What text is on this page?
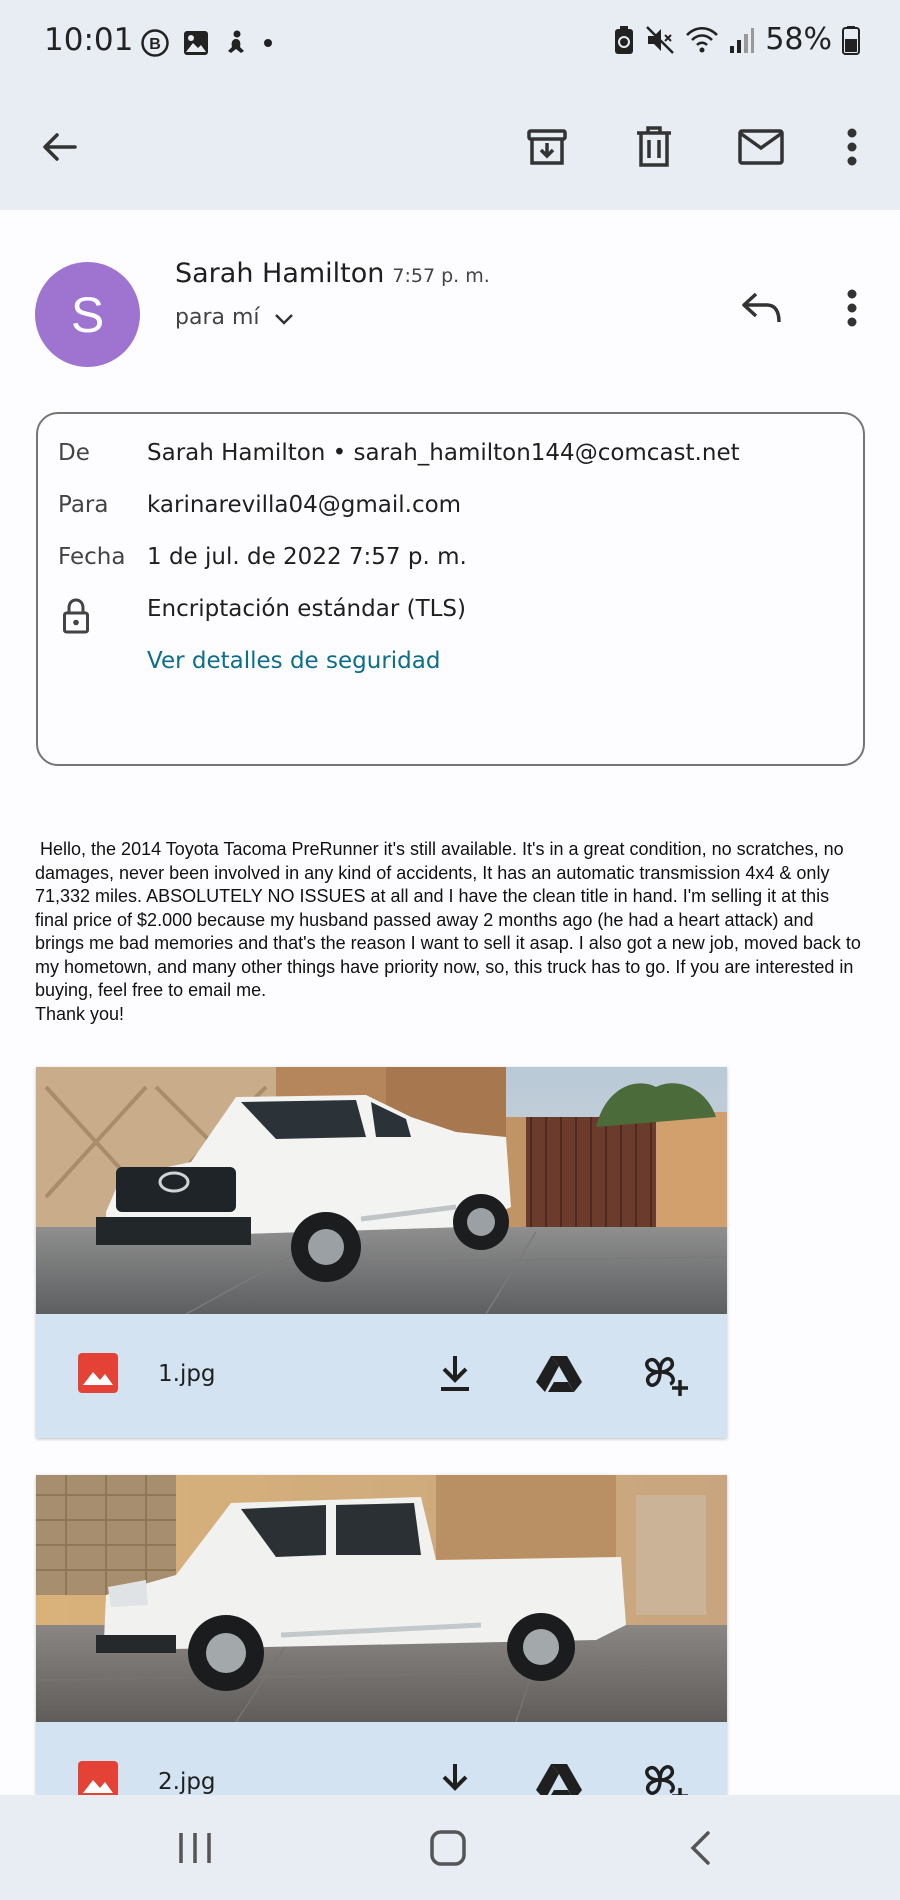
10:01 B	58%
S
Sarah Hamilton 7:57 p. m.
para mí
De Sarah Hamilton • sarah_hamilton144@comcast.net
Para karinarevilla04@gmail.com
Fecha 1 de jul. de 2022 7:57 p. m.
Encriptación estándar (TLS)
Ver detalles de seguridad
Hello, the 2014 Toyota Tacoma PreRunner it's still available. It's in a great condition, no scratches, no damages, never been involved in any kind of accidents, It has an automatic transmission 4x4 & only 71,332 miles. ABSOLUTELY NO ISSUES at all and I have the clean title in hand. I'm selling it at this final price of $2.000 because my husband passed away 2 months ago (he had a heart attack) and brings me bad memories and that's the reason I want to sell it asap. I also got a new job, moved back to my hometown, and many other things have priority now, so, this truck has to go. If you are interested in buying, feel free to email me.
Thank you!
1.jpg
2.jpg
